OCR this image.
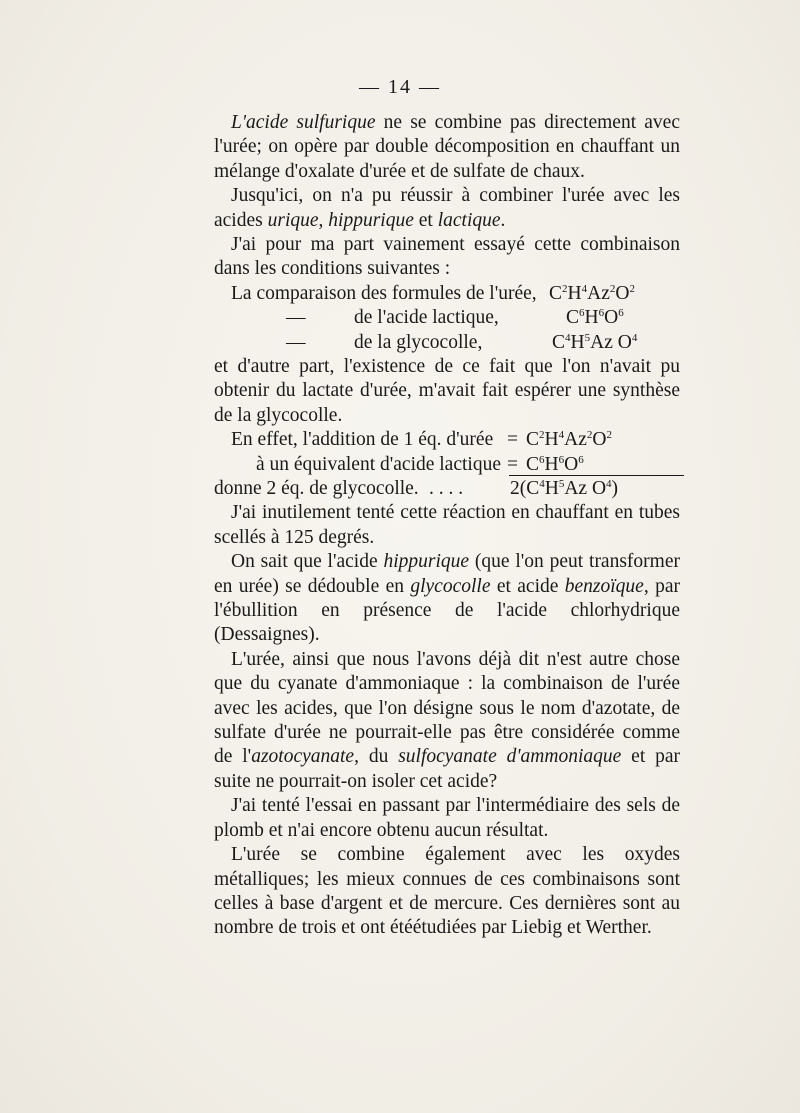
— 14 —

L'acide sulfurique ne se combine pas directement avec l'urée; on opère par double décomposition en chauffant un mélange d'oxalate d'urée et de sulfate de chaux.

Jusqu'ici, on n'a pu réussir à combiner l'urée avec les acides urique, hippurique et lactique.

J'ai pour ma part vainement essayé cette combinaison dans les conditions suivantes :

La comparaison des formules de l'urée, $C^2H^4Az^2O^2$
— de l'acide lactique,	$C^6H^6O^6$
— de la glycocolle,	$C^4H^5Az$ $O^4$

et d'autre part, l'existence de ce fait que l'on n'avait pu obtenir du lactate d'urée, m'avait fait espérer une synthèse de la glycocolle.

En effet, l'addition de 1 éq. d'urée = $C^2H^4Az^2O^2$
à un équivalent d'acide lactique = $C^6H^6O^6$
donne 2 éq. de glycocolle. . . . . $2(C^4H^5Az$ $O^4$)

J'ai inutilement tenté cette réaction en chauffant en tubes scellés à 125 degrés.

On sait que l'acide hippurique (que l'on peut transformer en urée) se dédouble en glycocolle et acide benzoïque, par l'ébullition en présence de l'acide chlorhydrique (Dessaignes).

L'urée, ainsi que nous l'avons déjà dit n'est autre chose que du cyanate d'ammoniaque : la combinaison de l'urée avec les acides, que l'on désigne sous le nom d'azotate, de sulfate d'urée ne pourrait-elle pas être considérée comme de l'azotocyanate, du sulfocyanate d'ammoniaque et par suite ne pourrait-on isoler cet acide?

J'ai tenté l'essai en passant par l'intermédiaire des sels de plomb et n'ai encore obtenu aucun résultat.

L'urée se combine également avec les oxydes métalliques; les mieux connues de ces combinaisons sont celles à base d'argent et de mercure. Ces dernières sont au nombre de trois et ont étéétudiées par Liebig et Werther.
